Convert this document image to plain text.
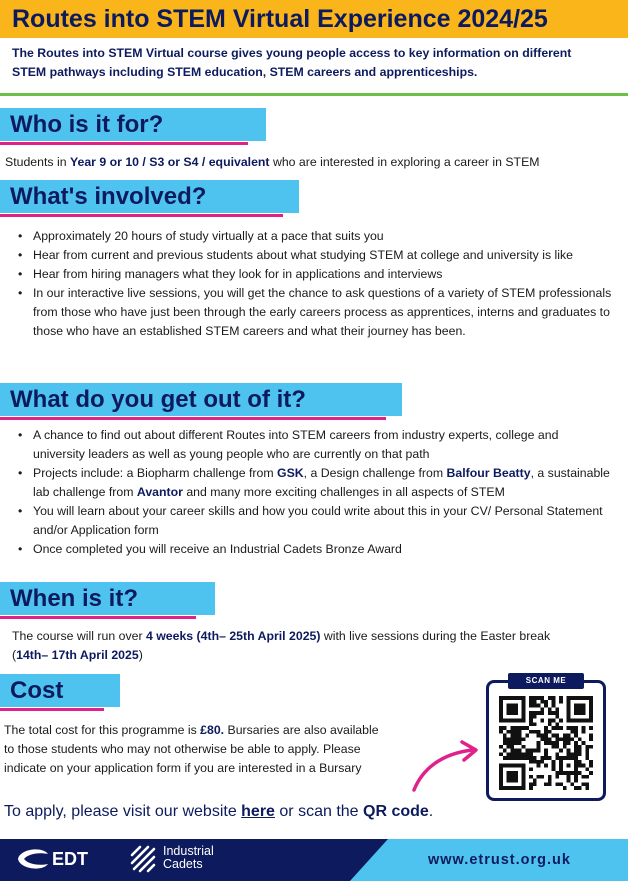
Routes into STEM Virtual Experience 2024/25
The Routes into STEM Virtual course gives young people access to key information on different
STEM pathways including STEM education, STEM careers and apprenticeships.
Who is it for?
Students in Year 9 or 10 / S3 or S4 / equivalent who are interested in exploring a career in STEM
What's involved?
• Approximately 20 hours of study virtually at a pace that suits you
• Hear from current and previous students about what studying STEM at college and university is like
• Hear from hiring managers what they look for in applications and interviews
• In our interactive live sessions, you will get the chance to ask questions of a variety of STEM professionals from those who have just been through the early careers process as apprentices, interns and graduates to those who have an established STEM careers and what their journey has been.
What do you get out of it?
• A chance to find out about different Routes into STEM careers from industry experts, college and university leaders as well as young people who are currently on that path
• Projects include: a Biopharm challenge from GSK, a Design challenge from Balfour Beatty, a sustainable lab challenge from Avantor and many more exciting challenges in all aspects of STEM
• You will learn about your career skills and how you could write about this in your CV/ Personal Statement and/or Application form
• Once completed you will receive an Industrial Cadets Bronze Award
When is it?
The course will run over 4 weeks (4th– 25th April 2025) with live sessions during the Easter break
(14th– 17th April 2025)
Cost
The total cost for this programme is £80. Bursaries are also available
to those students who may not otherwise be able to apply. Please
indicate on your application form if you are interested in a Bursary
SCAN ME
To apply, please visit our website here or scan the QR code.
www.etrust.org.uk
EDT	Industrial
Cadets
